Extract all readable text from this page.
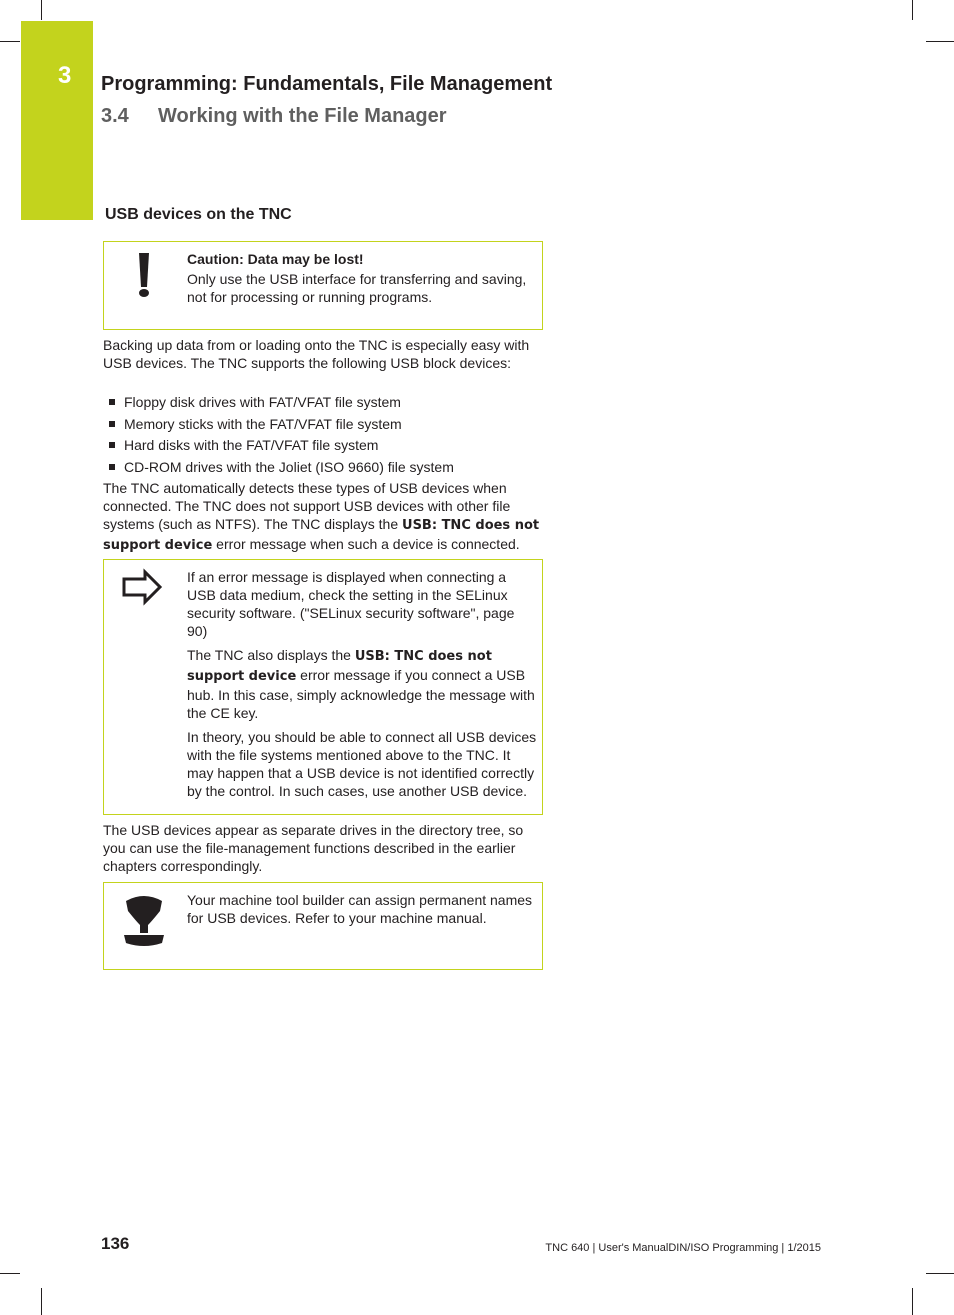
3 Programming: Fundamentals, File Management
3.4 Working with the File Manager
USB devices on the TNC

Caution: Data may be lost!

Only use the USB interface for transferring and saving, not for processing or running programs.

Backing up data from or loading onto the TNC is especially easy with USB devices. The TNC supports the following USB block devices:

Floppy disk drives with FAT/VFAT file system
Memory sticks with the FAT/VFAT file system
Hard disks with the FAT/VFAT file system
CD-ROM drives with the Joliet (ISO 9660) file system

The TNC automatically detects these types of USB devices when connected. The TNC does not support USB devices with other file systems (such as NTFS). The TNC displays the USB: TNC does not support device error message when such a device is connected.

If an error message is displayed when connecting a USB data medium, check the setting in the SELinux security software. ("SELinux security software", page 90)

The TNC also displays the USB: TNC does not support device error message if you connect a USB hub. In this case, simply acknowledge the message with the CE key.

In theory, you should be able to connect all USB devices with the file systems mentioned above to the TNC. It may happen that a USB device is not identified correctly by the control. In such cases, use another USB device.

The USB devices appear as separate drives in the directory tree, so you can use the file-management functions described in the earlier chapters correspondingly.

Your machine tool builder can assign permanent names for USB devices. Refer to your machine manual.

136	TNC 640 | User's ManualDIN/ISO Programming | 1/2015
